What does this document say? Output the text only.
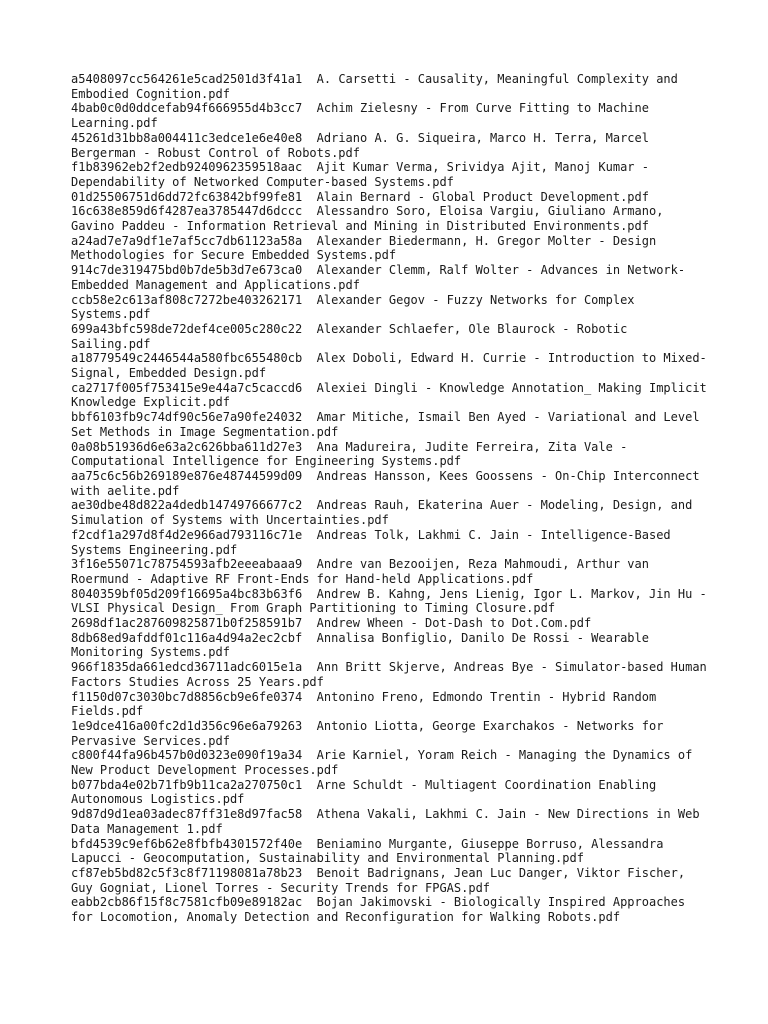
a5408097cc564261e5cad2501d3f41a1 A. Carsetti - Causality, Meaningful Complexity and Embodied Cognition.pdf
4bab0c0d0ddcefab94f666955d4b3cc7 Achim Zielesny - From Curve Fitting to Machine Learning.pdf
45261d31bb8a004411c3edce1e6e40e8 Adriano A. G. Siqueira, Marco H. Terra, Marcel Bergerman - Robust Control of Robots.pdf
f1b83962eb2f2edb9240962359518aac Ajit Kumar Verma, Srividya Ajit, Manoj Kumar - Dependability of Networked Computer-based Systems.pdf
01d25506751d6dd72fc63842bf99fe81 Alain Bernard - Global Product Development.pdf
16c638e859d6f4287ea3785447d6dccc Alessandro Soro, Eloisa Vargiu, Giuliano Armano, Gavino Paddeu - Information Retrieval and Mining in Distributed Environments.pdf
a24ad7e7a9df1e7af5cc7db61123a58a Alexander Biedermann, H. Gregor Molter - Design Methodologies for Secure Embedded Systems.pdf
914c7de319475bd0b7de5b3d7e673ca0 Alexander Clemm, Ralf Wolter - Advances in Network-Embedded Management and Applications.pdf
ccb58e2c613af808c7272be403262171 Alexander Gegov - Fuzzy Networks for Complex Systems.pdf
699a43bfc598de72def4ce005c280c22 Alexander Schlaefer, Ole Blaurock - Robotic Sailing.pdf
a18779549c2446544a580fbc655480cb Alex Doboli, Edward H. Currie - Introduction to Mixed-Signal, Embedded Design.pdf
ca2717f005f753415e9e44a7c5caccd6 Alexiei Dingli - Knowledge Annotation_ Making Implicit Knowledge Explicit.pdf
bbf6103fb9c74df90c56e7a90fe24032 Amar Mitiche, Ismail Ben Ayed - Variational and Level Set Methods in Image Segmentation.pdf
0a08b51936d6e63a2c626bba611d27e3 Ana Madureira, Judite Ferreira, Zita Vale - Computational Intelligence for Engineering Systems.pdf
aa75c6c56b269189e876e48744599d09 Andreas Hansson, Kees Goossens - On-Chip Interconnect with aelite.pdf
ae30dbe48d822a4dedb14749766677c2 Andreas Rauh, Ekaterina Auer - Modeling, Design, and Simulation of Systems with Uncertainties.pdf
f2cdf1a297d8f4d2e966ad793116c71e Andreas Tolk, Lakhmi C. Jain - Intelligence-Based Systems Engineering.pdf
3f16e55071c78754593afb2eeeabaaa9 Andre van Bezooijen, Reza Mahmoudi, Arthur van Roermund - Adaptive RF Front-Ends for Hand-held Applications.pdf
8040359bf05d209f16695a4bc83b63f6 Andrew B. Kahng, Jens Lienig, Igor L. Markov, Jin Hu - VLSI Physical Design_ From Graph Partitioning to Timing Closure.pdf
2698df1ac287609825871b0f258591b7 Andrew Wheen - Dot-Dash to Dot.Com.pdf
8db68ed9afddf01c116a4d94a2ec2cbf Annalisa Bonfiglio, Danilo De Rossi - Wearable Monitoring Systems.pdf
966f1835da661edcd36711adc6015e1a Ann Britt Skjerve, Andreas Bye - Simulator-based Human Factors Studies Across 25 Years.pdf
f1150d07c3030bc7d8856cb9e6fe0374 Antonino Freno, Edmondo Trentin - Hybrid Random Fields.pdf
1e9dce416a00fc2d1d356c96e6a79263 Antonio Liotta, George Exarchakos - Networks for Pervasive Services.pdf
c800f44fa96b457b0d0323e090f19a34 Arie Karniel, Yoram Reich - Managing the Dynamics of New Product Development Processes.pdf
b077bda4e02b71fb9b11ca2a270750c1 Arne Schuldt - Multiagent Coordination Enabling Autonomous Logistics.pdf
9d87d9d1ea03adec87ff31e8d97fac58 Athena Vakali, Lakhmi C. Jain - New Directions in Web Data Management 1.pdf
bfd4539c9ef6b62e8fbfb4301572f40e Beniamino Murgante, Giuseppe Borruso, Alessandra Lapucci - Geocomputation, Sustainability and Environmental Planning.pdf
cf87eb5bd82c5f3c8f71198081a78b23 Benoit Badrignans, Jean Luc Danger, Viktor Fischer, Guy Gogniat, Lionel Torres - Security Trends for FPGAS.pdf
eabb2cb86f15f8c7581cfb09e89182ac Bojan Jakimovski - Biologically Inspired Approaches for Locomotion, Anomaly Detection and Reconfiguration for Walking Robots.pdf
